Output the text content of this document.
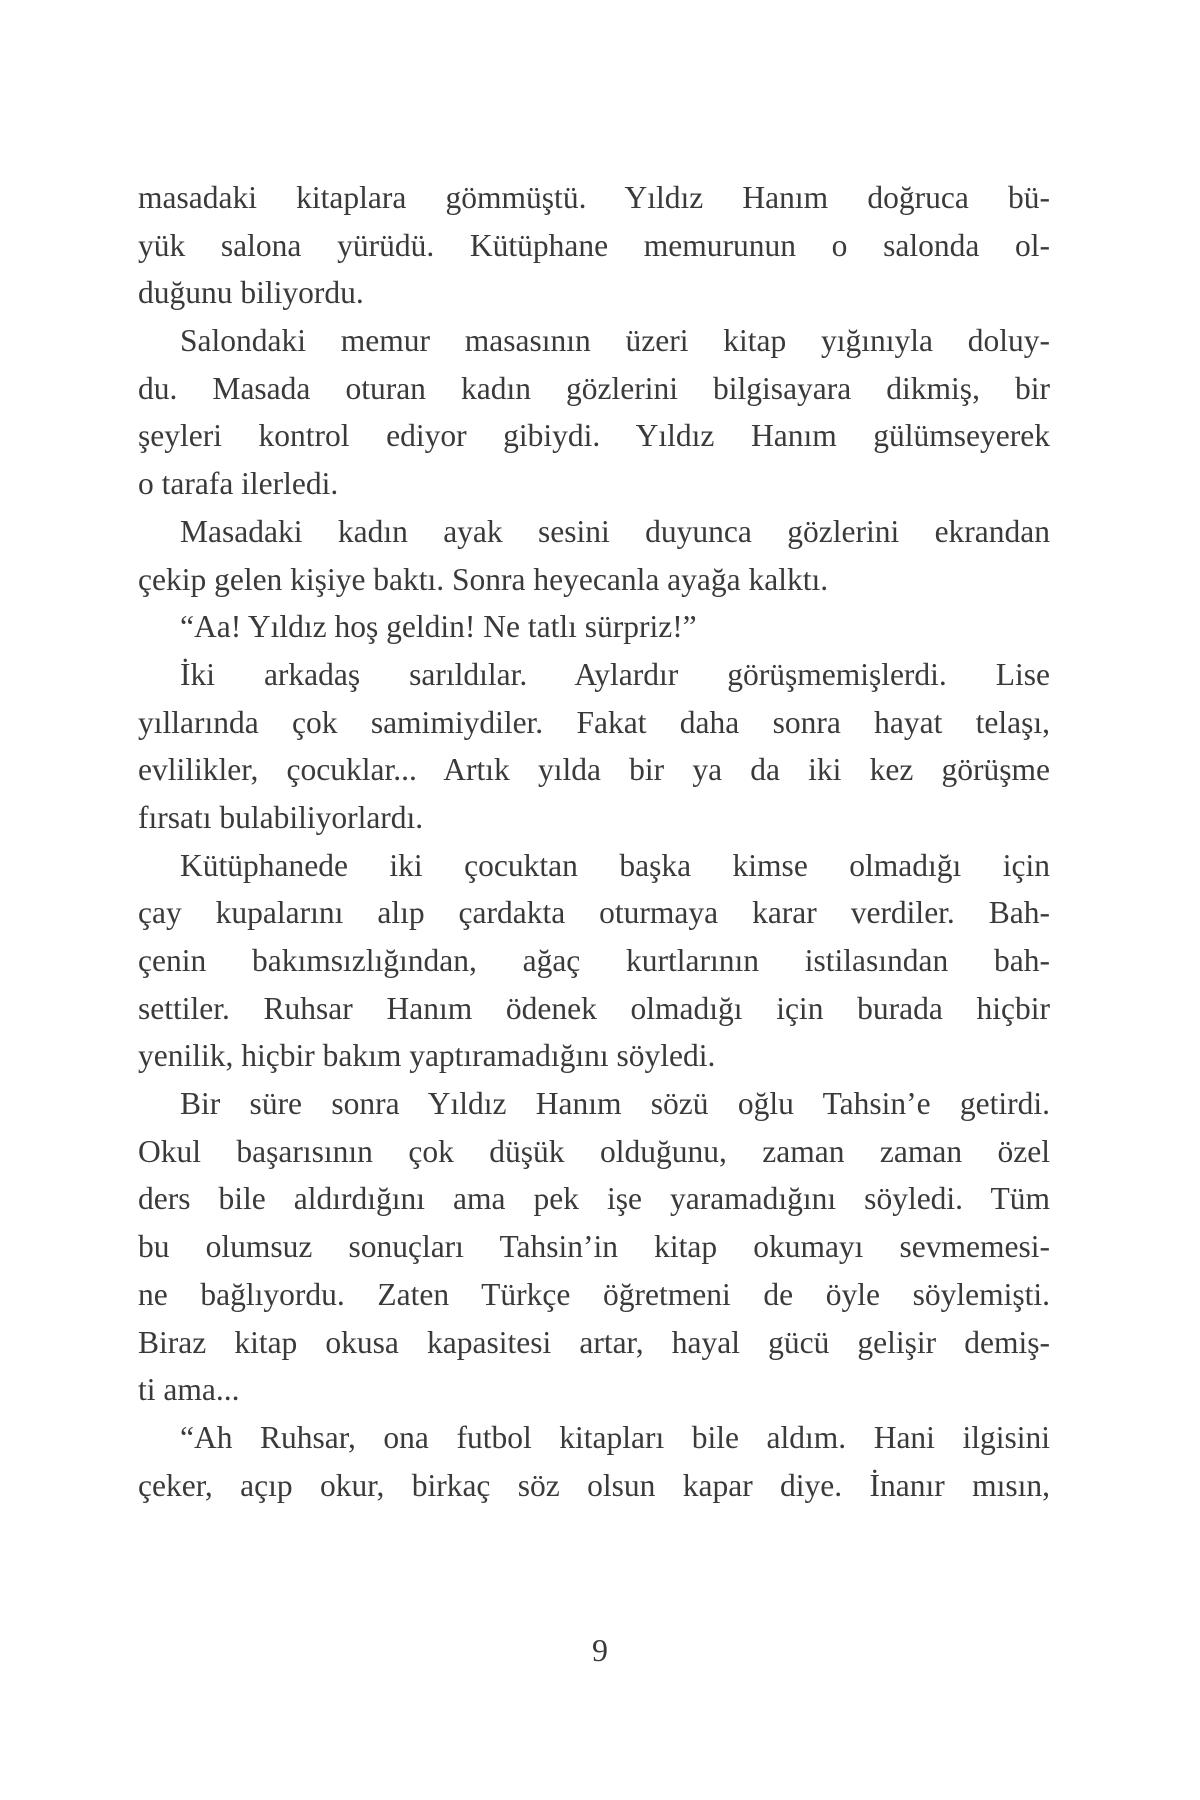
masadaki kitaplara gömmüştü. Yıldız Hanım doğruca bü-
yük salona yürüdü. Kütüphane memurunun o salonda ol-
duğunu biliyordu.
Salondaki memur masasının üzeri kitap yığınıyla doluy-
du. Masada oturan kadın gözlerini bilgisayara dikmiş, bir
şeyleri kontrol ediyor gibiydi. Yıldız Hanım gülümseyerek
o tarafa ilerledi.
Masadaki kadın ayak sesini duyunca gözlerini ekrandan
çekip gelen kişiye baktı. Sonra heyecanla ayağa kalktı.
“Aa! Yıldız hoş geldin! Ne tatlı sürpriz!”
İki arkadaş sarıldılar. Aylardır görüşmemişlerdi. Lise
yıllarında çok samimiydiler. Fakat daha sonra hayat telaşı,
evlilikler, çocuklar... Artık yılda bir ya da iki kez görüşme
fırsatı bulabiliyorlardı.
Kütüphanede iki çocuktan başka kimse olmadığı için
çay kupalarını alıp çardakta oturmaya karar verdiler. Bah-
çenin bakımsızlığından, ağaç kurtlarının istilasından bah-
settiler. Ruhsar Hanım ödenek olmadığı için burada hiçbir
yenilik, hiçbir bakım yaptıramadığını söyledi.
Bir süre sonra Yıldız Hanım sözü oğlu Tahsin’e getirdi.
Okul başarısının çok düşük olduğunu, zaman zaman özel
ders bile aldırdığını ama pek işe yaramadığını söyledi. Tüm
bu olumsuz sonuçları Tahsin’in kitap okumayı sevmemesi-
ne bağlıyordu. Zaten Türkçe öğretmeni de öyle söylemişti.
Biraz kitap okusa kapasitesi artar, hayal gücü gelişir demiş-
ti ama...
“Ah Ruhsar, ona futbol kitapları bile aldım. Hani ilgisini
çeker, açıp okur, birkaç söz olsun kapar diye. İnanır mısın,
9
